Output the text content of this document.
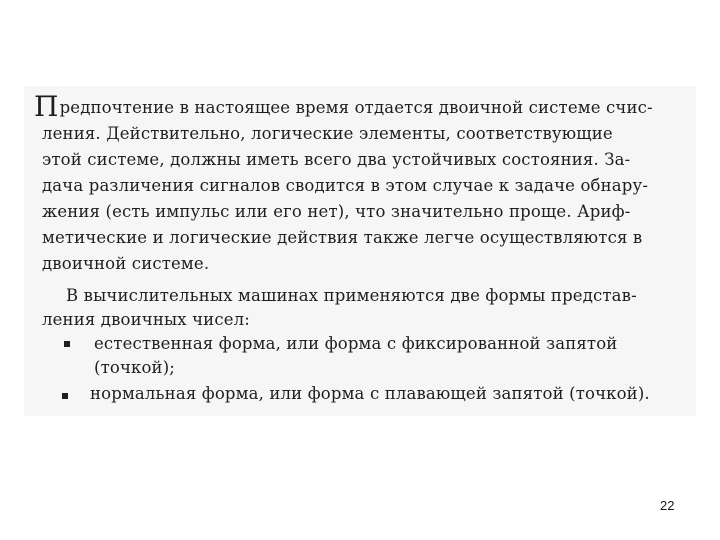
Предпочтение в настоящее время отдается двоичной системе счис-
ления. Действительно, логические элементы, соответствующие
этой системе, должны иметь всего два устойчивых состояния. За-
дача различения сигналов сводится в этом случае к задаче обнару-
жения (есть импульс или его нет), что значительно проще. Ариф-
метические и логические действия также легче осуществляются в
двоичной системе.
В вычислительных машинах применяются две формы представ-
ления двоичных чисел:
естественная форма, или форма с фиксированной запятой
(точкой);
нормальная форма, или форма с плавающей запятой (точкой).
22
